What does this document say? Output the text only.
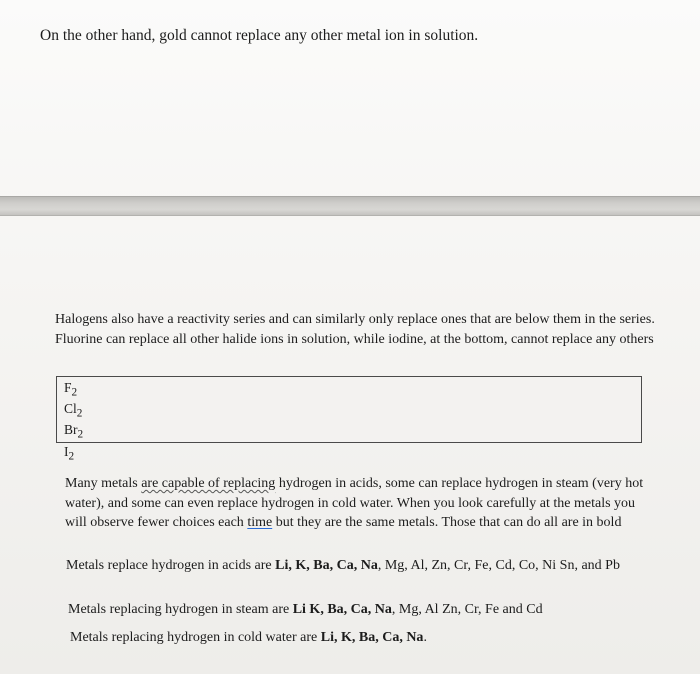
On the other hand, gold cannot replace any other metal ion in solution.

Halogens also have a reactivity series and can similarly only replace ones that are below them in the series. Fluorine can replace all other halide ions in solution, while iodine, at the bottom, cannot replace any others

$F_2$
$Cl_2$
$Br_2$
$I_2$

Many metals are capable of replacing hydrogen in acids, some can replace hydrogen in steam (very hot water), and some can even replace hydrogen in cold water. When you look carefully at the metals you will observe fewer choices each time but they are the same metals. Those that can do all are in bold

Metals replace hydrogen in acids are Li, K, Ba, Ca, Na, Mg, Al, Zn, Cr, Fe, Cd, Co, Ni Sn, and Pb

Metals replacing hydrogen in steam are Li K, Ba, Ca, Na, Mg, Al Zn, Cr, Fe and Cd

Metals replacing hydrogen in cold water are Li, K, Ba, Ca, Na.
